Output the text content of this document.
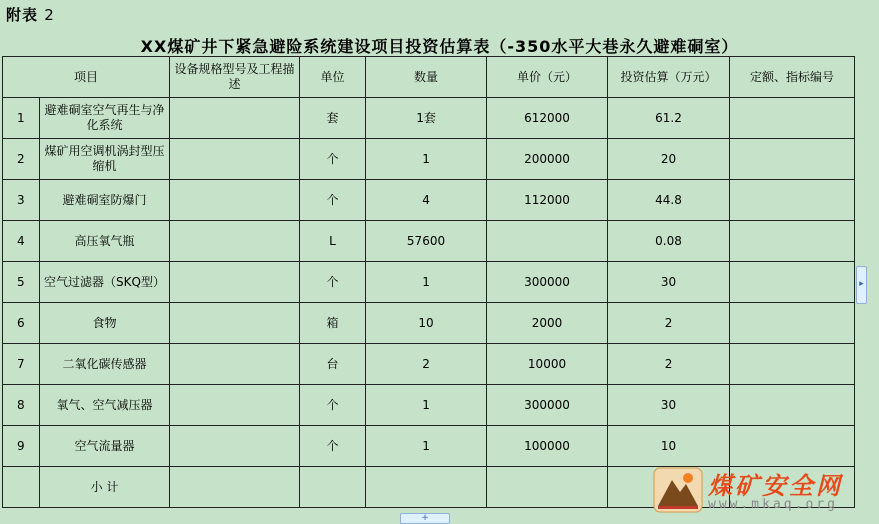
附表 2
XX煤矿井下紧急避险系统建设项目投资估算表（-350水平大巷永久避难硐室）
项目		设备规格型号及工程描述	单位	数量	单价（元）	投资估算（万元）	定额、指标编号
1	避难硐室空气再生与净化系统		套	1套	612000	61.2	
2	煤矿用空调机涡封型压缩机		个	1	200000	20	
3	避难硐室防爆门		个	4	112000	44.8	
4	高压氧气瓶		L	57600		0.08	
5	空气过滤器（SKQ型）		个	1	300000	30	
6	食物		箱	10	2000	2	
7	二氧化碳传感器		台	2	10000	2	
8	氧气、空气减压器		个	1	300000	30	
9	空气流量器		个	1	100000	10	
	小 计						
▸
+
煤矿安全网
www.mkaq.org
